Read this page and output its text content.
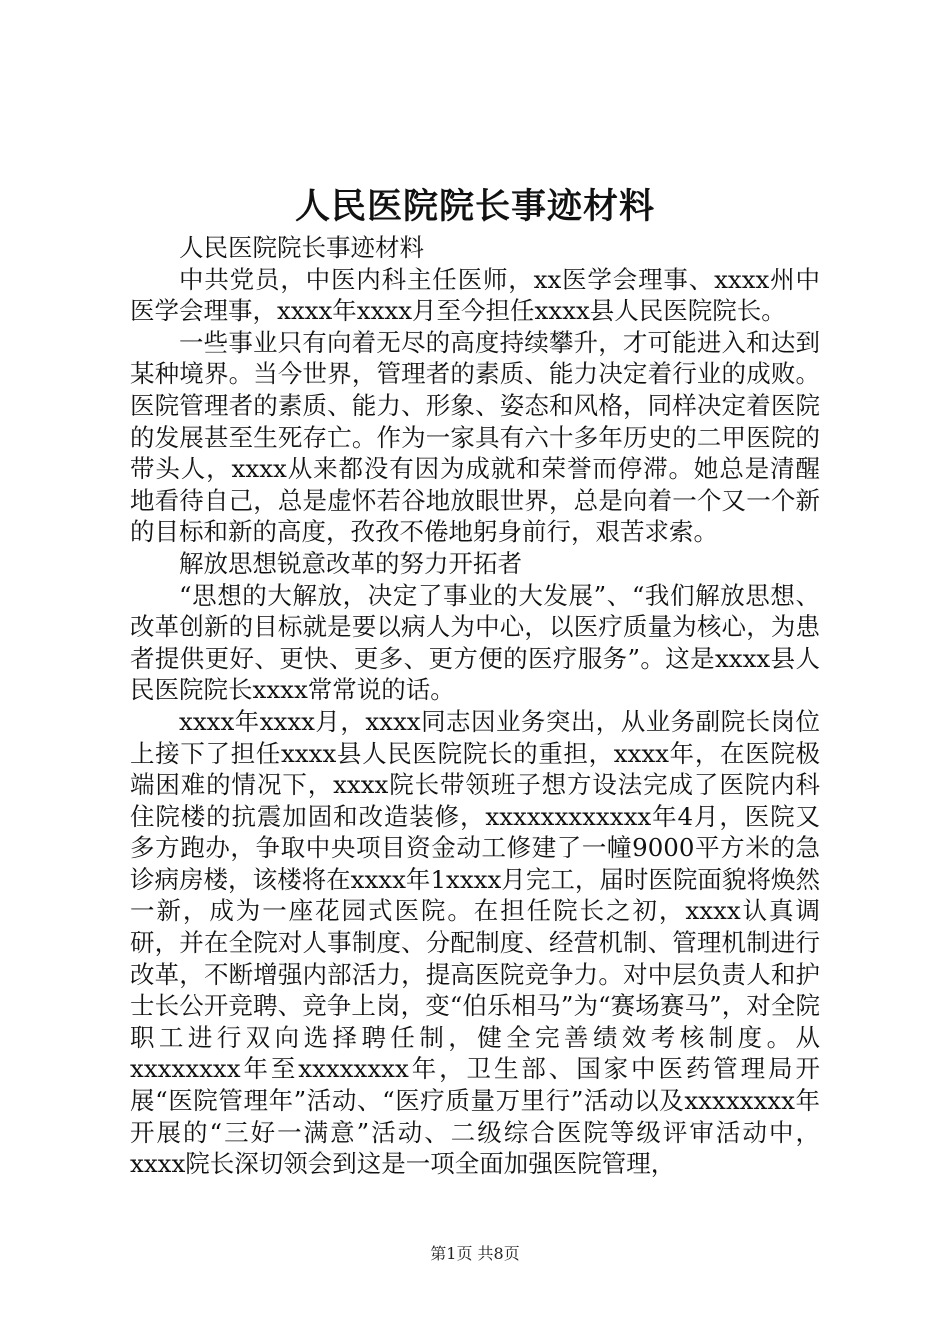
人民医院院长事迹材料

人民医院院长事迹材料

中共党员，中医内科主任医师，xx医学会理事、xxxx州中医学会理事，xxxx年xxxx月至今担任xxxx县人民医院院长。

一些事业只有向着无尽的高度持续攀升，才可能进入和达到某种境界。当今世界，管理者的素质、能力决定着行业的成败。医院管理者的素质、能力、形象、姿态和风格，同样决定着医院的发展甚至生死存亡。作为一家具有六十多年历史的二甲医院的带头人，xxxx从来都没有因为成就和荣誉而停滞。她总是清醒地看待自己，总是虚怀若谷地放眼世界，总是向着一个又一个新的目标和新的高度，孜孜不倦地躬身前行，艰苦求索。

解放思想锐意改革的努力开拓者

“思想的大解放，决定了事业的大发展”、“我们解放思想、改革创新的目标就是要以病人为中心，以医疗质量为核心，为患者提供更好、更快、更多、更方便的医疗服务”。这是xxxx县人民医院院长xxxx常常说的话。

xxxx年xxxx月，xxxx同志因业务突出，从业务副院长岗位上接下了担任xxxx县人民医院院长的重担，xxxx年，在医院极端困难的情况下，xxxx院长带领班子想方设法完成了医院内科住院楼的抗震加固和改造装修，xxxxxxxxxxxx年4月，医院又多方跑办，争取中央项目资金动工修建了一幢9000平方米的急诊病房楼，该楼将在xxxx年1xxxx月完工，届时医院面貌将焕然一新，成为一座花园式医院。在担任院长之初，xxxx认真调研，并在全院对人事制度、分配制度、经营机制、管理机制进行改革，不断增强内部活力，提高医院竞争力。对中层负责人和护士长公开竞聘、竞争上岗，变“伯乐相马”为“赛场赛马”，对全院职工进行双向选择聘任制，健全完善绩效考核制度。从xxxxxxxx年至xxxxxxxx年，卫生部、国家中医药管理局开展“医院管理年”活动、“医疗质量万里行”活动以及xxxxxxxx年开展的“三好一满意”活动、二级综合医院等级评审活动中，xxxx院长深切领会到这是一项全面加强医院管理，

第1页 共8页
